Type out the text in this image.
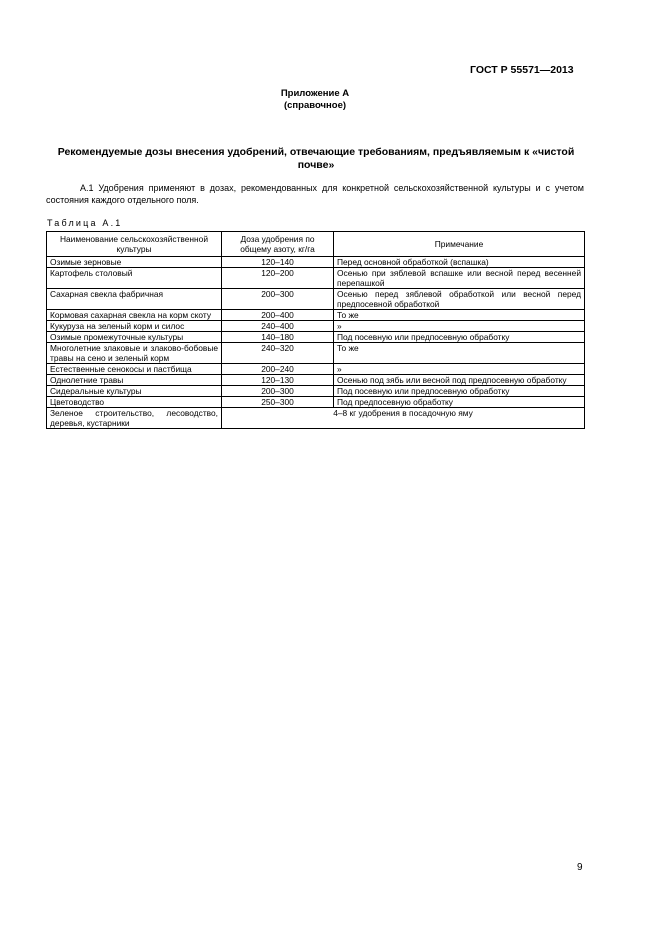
ГОСТ Р 55571—2013
Приложение А
(справочное)
Рекомендуемые дозы внесения удобрений, отвечающие требованиям, предъявляемым к «чистой почве»
А.1 Удобрения применяют в дозах, рекомендованных для конкретной сельскохозяйственной культуры и с учетом состояния каждого отдельного поля.
Таблица А.1
Наименование сельскохозяйственной культуры	Доза удобрения по общему азоту, кг/га	Примечание
Озимые зерновые	120–140	Перед основной обработкой (вспашка)
Картофель столовый	120–200	Осенью при зяблевой вспашке или весной перед весенней перепашкой
Сахарная свекла фабричная	200–300	Осенью перед зяблевой обработкой или весной перед предпосевной обработкой
Кормовая сахарная свекла на корм скоту	200–400	То же
Кукуруза на зеленый корм и силос	240–400	»
Озимые промежуточные культуры	140–180	Под посевную или предпосевную обработку
Многолетние злаковые и злаково-бобовые травы на сено и зеленый корм	240–320	То же
Естественные сенокосы и пастбища	200–240	»
Однолетние травы	120–130	Осенью под зябь или весной под предпосевную обработку
Сидеральные культуры	200–300	Под посевную или предпосевную обработку
Цветоводство	250–300	Под предпосевную обработку
Зеленое строительство, лесоводство, деревья, кустарники	4–8 кг удобрения в посадочную яму	
9
